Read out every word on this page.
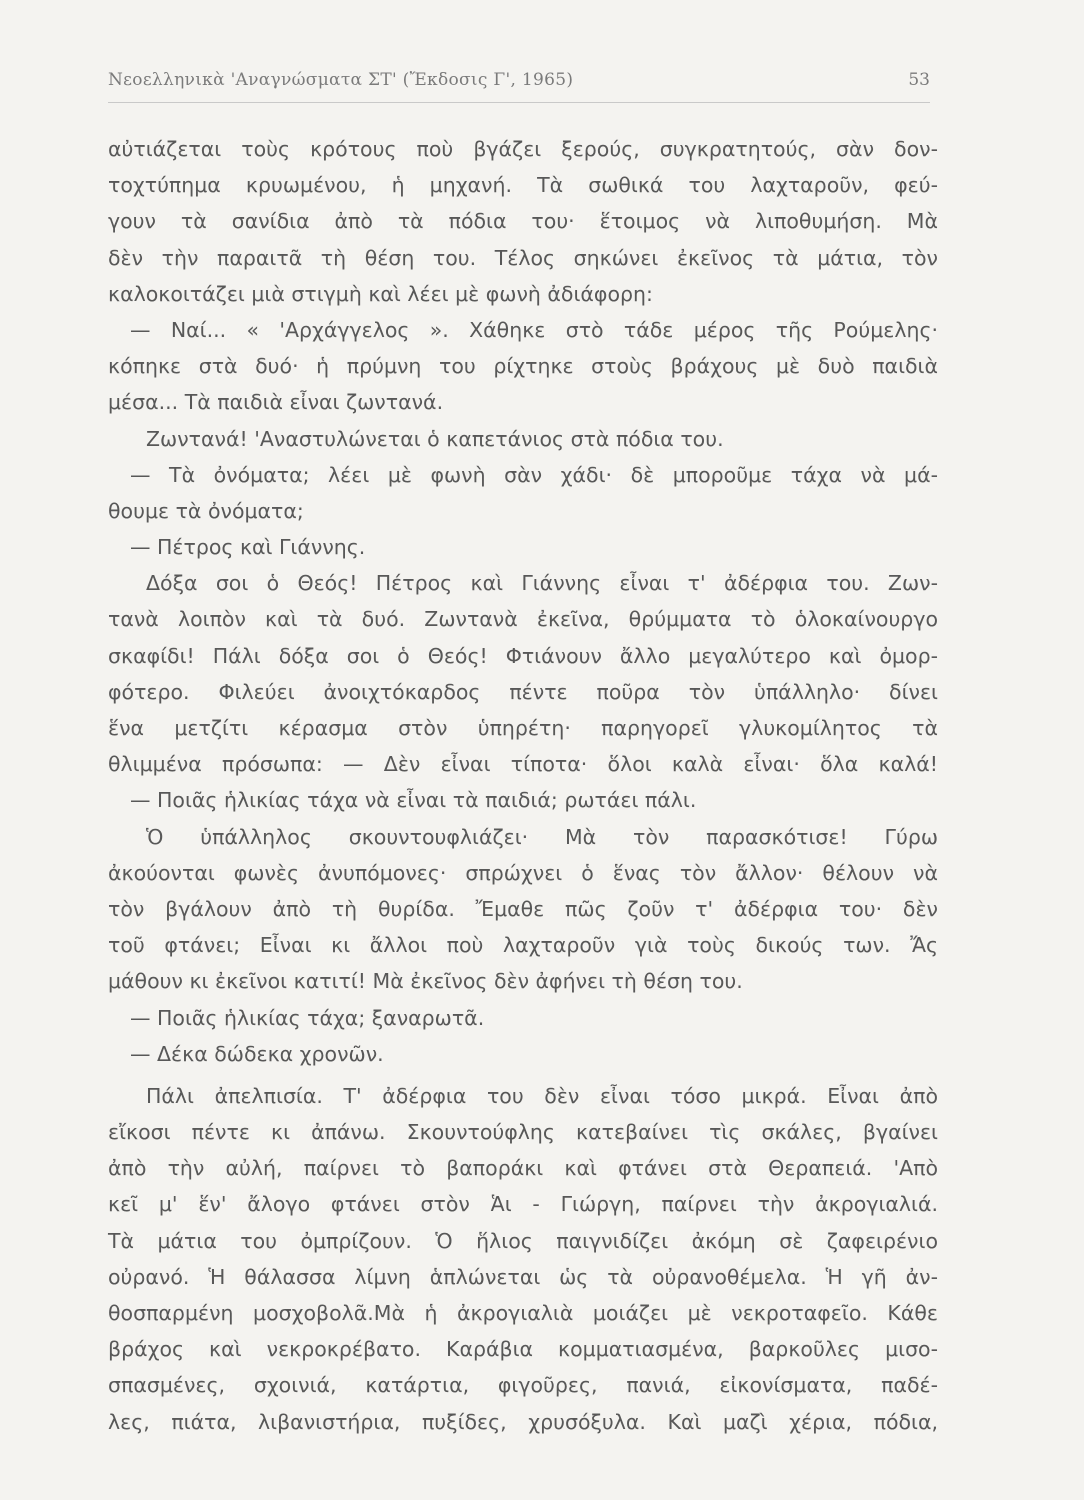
Νεοελληνικὰ 'Αναγνώσματα ΣΤ' (Ἔκδοσις Γ', 1965)	53
αὐτιάζεται τοὺς κρότους ποὺ βγάζει ξερούς, συγκρατητούς, σὰν δον-
τοχτύπημα κρυωμένου, ἡ μηχανή. Τὰ σωθικά του λαχταροῦν, φεύ-
γουν τὰ σανίδια ἀπὸ τὰ πόδια του· ἕτοιμος νὰ λιποθυμήση. Μὰ
δὲν τὴν παραιτᾶ τὴ θέση του. Τέλος σηκώνει ἐκεῖνος τὰ μάτια, τὸν
καλοκοιτάζει μιὰ στιγμὴ καὶ λέει μὲ φωνὴ ἀδιάφορη:
— Ναί... « 'Αρχάγγελος ». Χάθηκε στὸ τάδε μέρος τῆς Ρούμελης·
κόπηκε στὰ δυό· ἡ πρύμνη του ρίχτηκε στοὺς βράχους μὲ δυὸ παιδιὰ
μέσα... Τὰ παιδιὰ εἶναι ζωντανά.
Ζωντανά! 'Αναστυλώνεται ὁ καπετάνιος στὰ πόδια του.
— Τὰ ὀνόματα; λέει μὲ φωνὴ σὰν χάδι· δὲ μποροῦμε τάχα νὰ μά-
θουμε τὰ ὀνόματα;
— Πέτρος καὶ Γιάννης.
Δόξα σοι ὁ Θεός! Πέτρος καὶ Γιάννης εἶναι τ' ἀδέρφια του. Ζων-
τανὰ λοιπὸν καὶ τὰ δυό. Ζωντανὰ ἐκεῖνα, θρύμματα τὸ ὁλοκαίνουργο
σκαφίδι! Πάλι δόξα σοι ὁ Θεός! Φτιάνουν ἄλλο μεγαλύτερο καὶ ὀμορ-
φότερο. Φιλεύει ἀνοιχτόκαρδος πέντε ποῦρα τὸν ὑπάλληλο· δίνει
ἕνα μετζίτι κέρασμα στὸν ὑπηρέτη· παρηγορεῖ γλυκομίλητος τὰ
θλιμμένα πρόσωπα: — Δὲν εἶναι τίποτα· ὅλοι καλὰ εἶναι· ὅλα καλά!
— Ποιᾶς ἡλικίας τάχα νὰ εἶναι τὰ παιδιά; ρωτάει πάλι.
Ὁ ὑπάλληλος σκουντουφλιάζει· Μὰ τὸν παρασκότισε! Γύρω
ἀκούονται φωνὲς ἀνυπόμονες· σπρώχνει ὁ ἕνας τὸν ἄλλον· θέλουν νὰ
τὸν βγάλουν ἀπὸ τὴ θυρίδα. Ἔμαθε πῶς ζοῦν τ' ἀδέρφια του· δὲν
τοῦ φτάνει; Εἶναι κι ἄλλοι ποὺ λαχταροῦν γιὰ τοὺς δικούς των. Ἄς
μάθουν κι ἐκεῖνοι κατιτί! Μὰ ἐκεῖνος δὲν ἀφήνει τὴ θέση του.
— Ποιᾶς ἡλικίας τάχα; ξαναρωτᾶ.
— Δέκα δώδεκα χρονῶν.
Πάλι ἀπελπισία. Τ' ἀδέρφια του δὲν εἶναι τόσο μικρά. Εἶναι ἀπὸ
εἴκοσι πέντε κι ἀπάνω. Σκουντούφλης κατεβαίνει τὶς σκάλες, βγαίνει
ἀπὸ τὴν αὐλή, παίρνει τὸ βαποράκι καὶ φτάνει στὰ Θεραπειά. 'Απὸ
κεῖ μ' ἕν' ἄλογο φτάνει στὸν Ἁι - Γιώργη, παίρνει τὴν ἀκρογιαλιά.
Τὰ μάτια του ὀμπρίζουν. Ὁ ἥλιος παιγνιδίζει ἀκόμη σὲ ζαφειρένιο
οὐρανό. Ἡ θάλασσα λίμνη ἁπλώνεται ὡς τὰ οὐρανοθέμελα. Ἡ γῆ ἀν-
θοσπαρμένη μοσχοβολᾶ.Μὰ ἡ ἀκρογιαλιὰ μοιάζει μὲ νεκροταφεῖο. Κάθε
βράχος καὶ νεκροκρέβατο. Καράβια κομματιασμένα, βαρκοῦλες μισο-
σπασμένες, σχοινιά, κατάρτια, φιγοῦρες, πανιά, εἰκονίσματα, παδέ-
λες, πιάτα, λιβανιστήρια, πυξίδες, χρυσόξυλα. Καὶ μαζὶ χέρια, πόδια,
